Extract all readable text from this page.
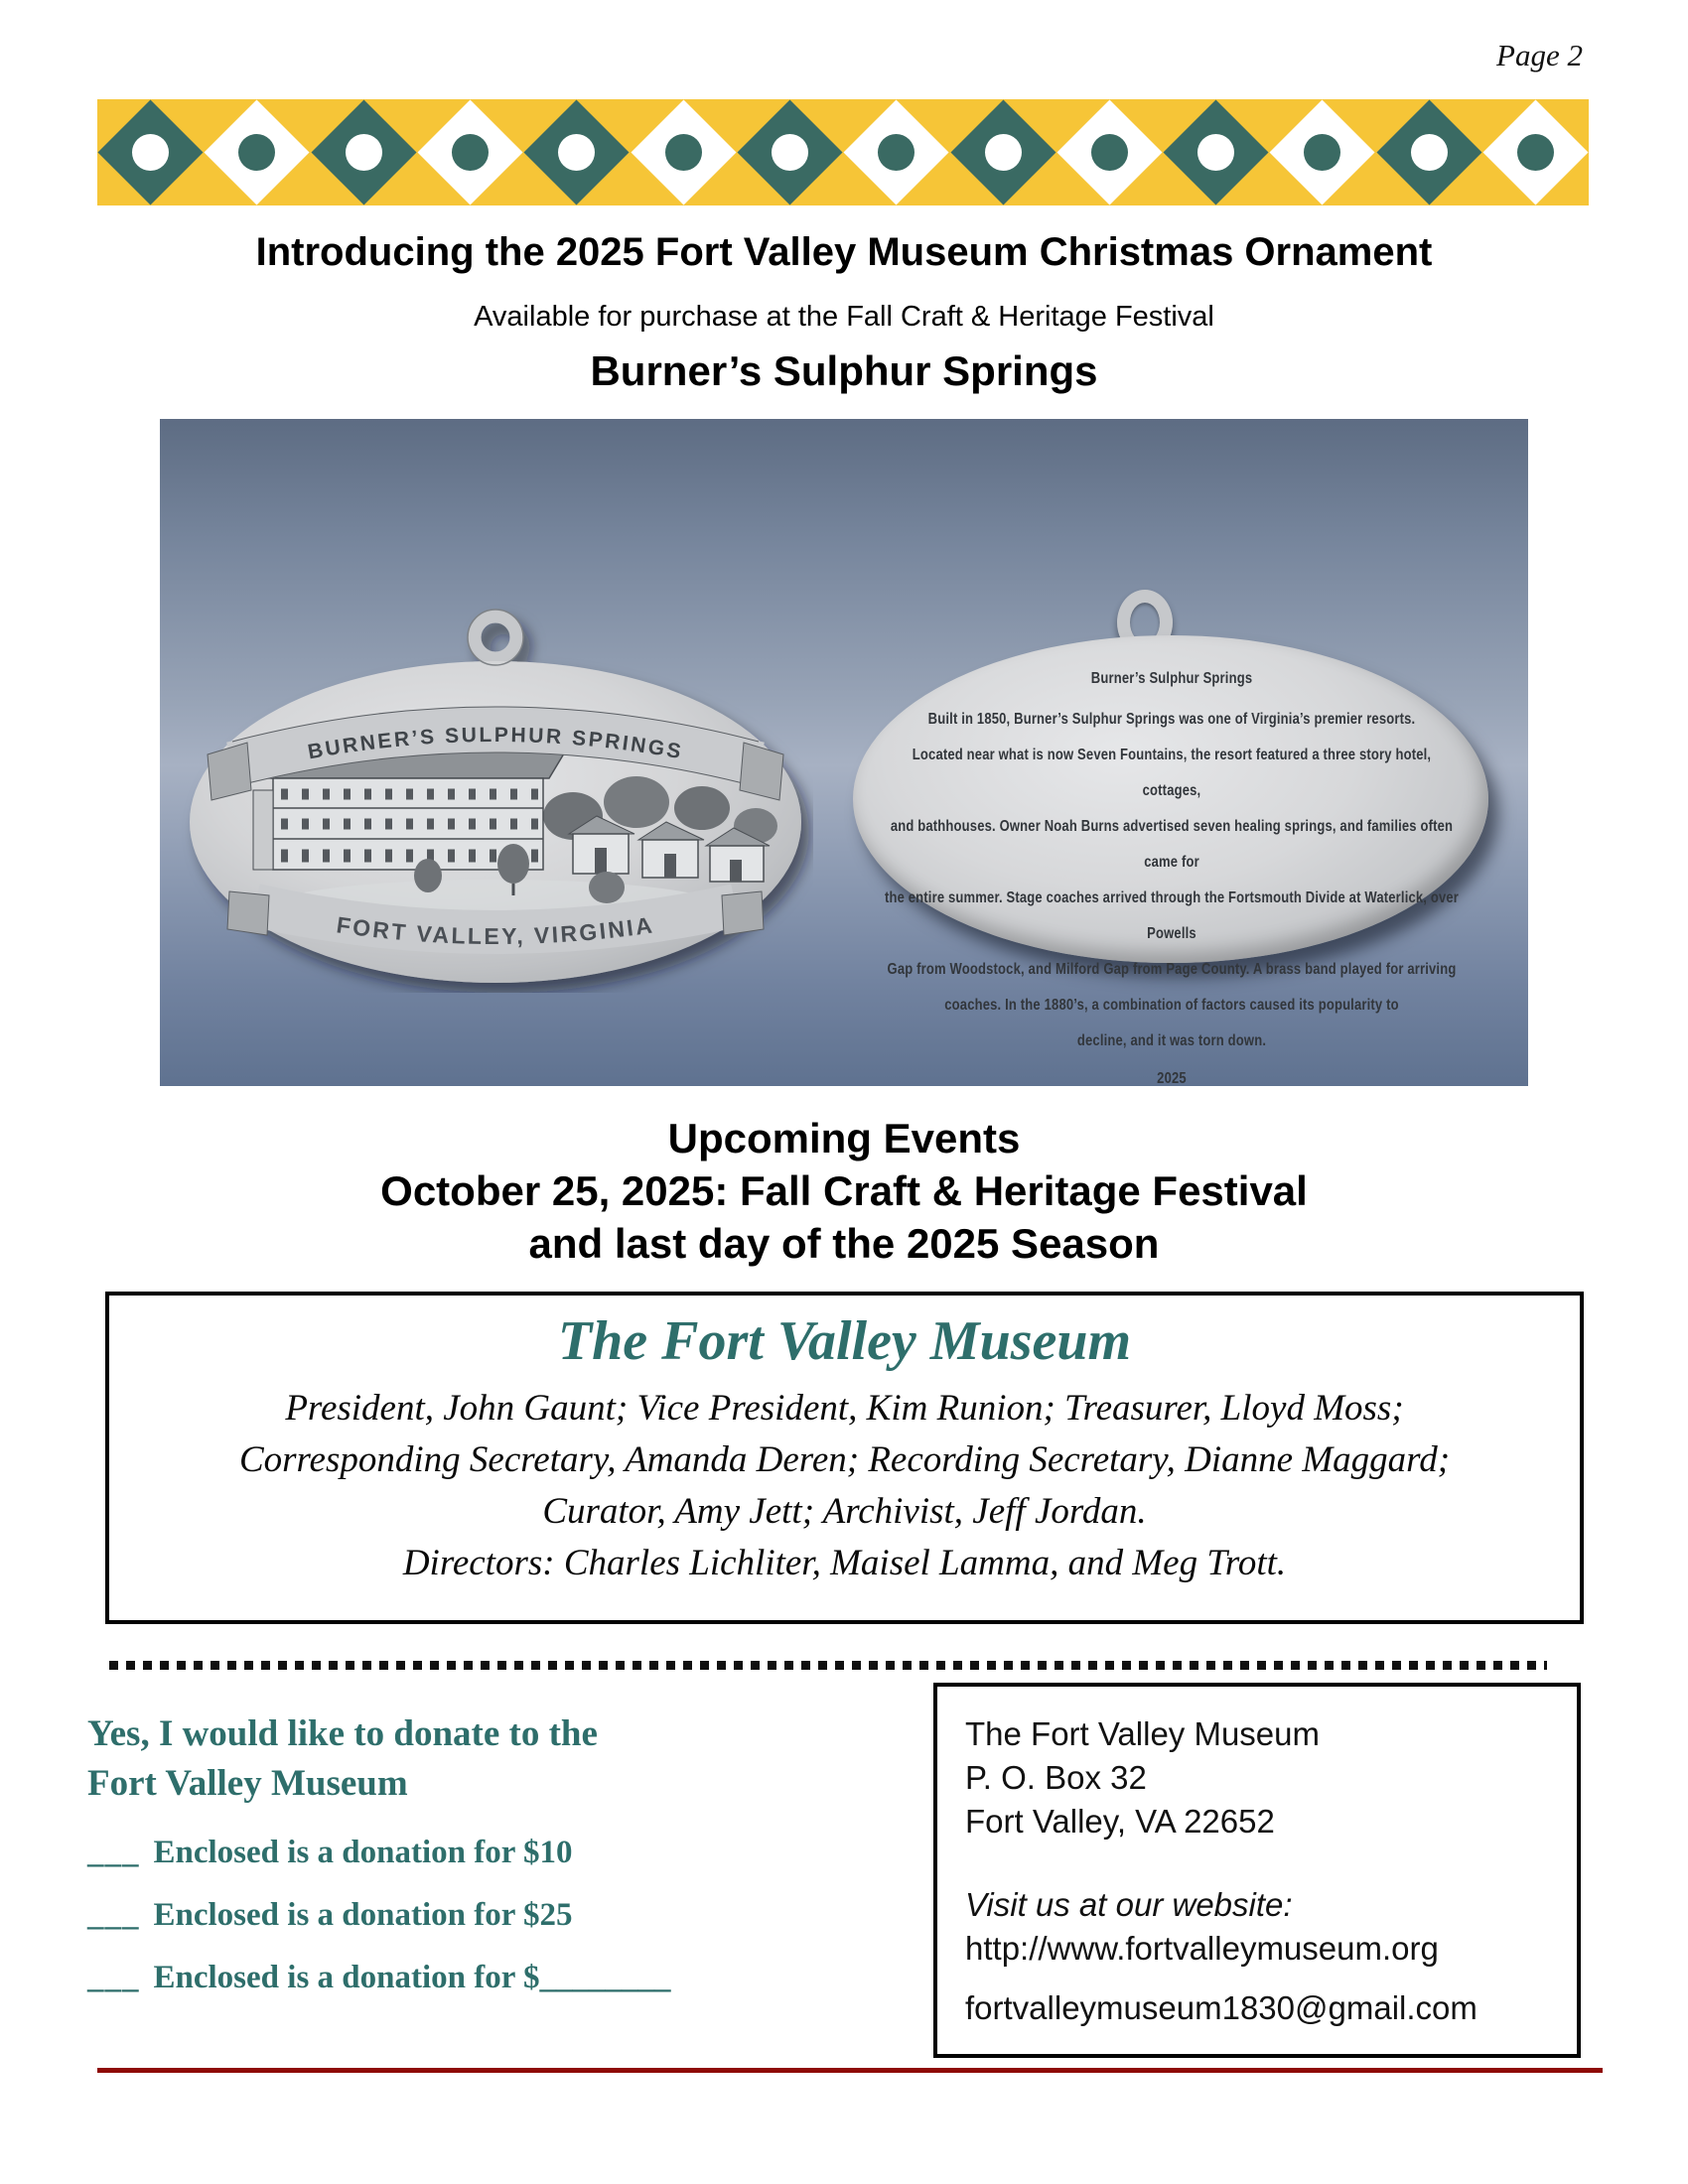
Page 2
Introducing the 2025 Fort Valley Museum Christmas Ornament
Available for purchase at the Fall Craft & Heritage Festival
Burner’s Sulphur Springs
BURNER’S SULPHUR SPRINGS
FORT VALLEY, VIRGINIA
Burner’s Sulphur Springs
Built in 1850, Burner’s Sulphur Springs was one of Virginia’s premier resorts.
Located near what is now Seven Fountains, the resort featured a three story hotel, cottages,
and bathhouses. Owner Noah Burns advertised seven healing springs, and families often came for
the entire summer. Stage coaches arrived through the Fortsmouth Divide at Waterlick, over Powells
Gap from Woodstock, and Milford Gap from Page County. A brass band played for arriving
coaches. In the 1880’s, a combination of factors caused its popularity to
decline, and it was torn down.
2025
Upcoming Events
October 25, 2025: Fall Craft & Heritage Festival
and last day of the 2025 Season
The Fort Valley Museum
President, John Gaunt; Vice President, Kim Runion; Treasurer, Lloyd Moss;
Corresponding Secretary, Amanda Deren; Recording Secretary, Dianne Maggard;
Curator, Amy Jett; Archivist, Jeff Jordan.
Directors: Charles Lichliter, Maisel Lamma, and Meg Trott.
Yes, I would like to donate to the
Fort Valley Museum
___ Enclosed is a donation for $10
___ Enclosed is a donation for $25
___ Enclosed is a donation for $________
The Fort Valley Museum
P. O. Box 32
Fort Valley, VA 22652
Visit us at our website:
http://www.fortvalleymuseum.org
fortvalleymuseum1830@gmail.com
